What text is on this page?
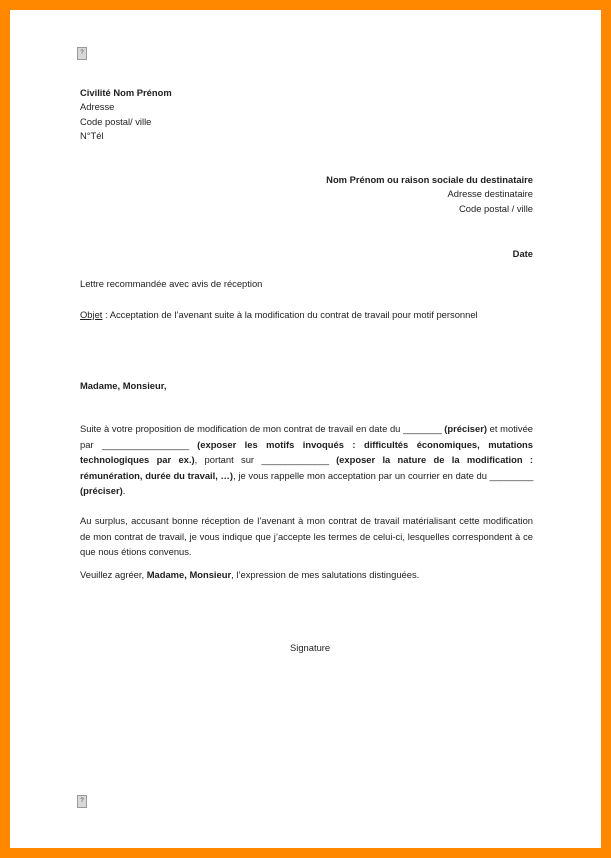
?
Civilité Nom Prénom
Adresse
Code postal/ ville
N°Tél
Nom Prénom ou raison sociale du destinataire
Adresse destinataire
Code postal / ville
Date
Lettre recommandée avec avis de réception
Objet : Acceptation de l’avenant suite à la modification du contrat de travail pour motif personnel
Madame, Monsieur,
Suite à votre proposition de modification de mon contrat de travail en date du ________ (préciser) et motivée par __________________ (exposer les motifs invoqués : difficultés économiques, mutations technologiques par ex.), portant sur ______________ (exposer la nature de la modification : rémunération, durée du travail, …), je vous rappelle mon acceptation par un courrier en date du _________ (préciser).
Au surplus, accusant bonne réception de l’avenant à mon contrat de travail matérialisant cette modification de mon contrat de travail, je vous indique que j’accepte les termes de celui-ci, lesquelles correspondent à ce que nous étions convenus.
Veuillez agréer, Madame, Monsieur, l’expression de mes salutations distinguées.
Signature
?
